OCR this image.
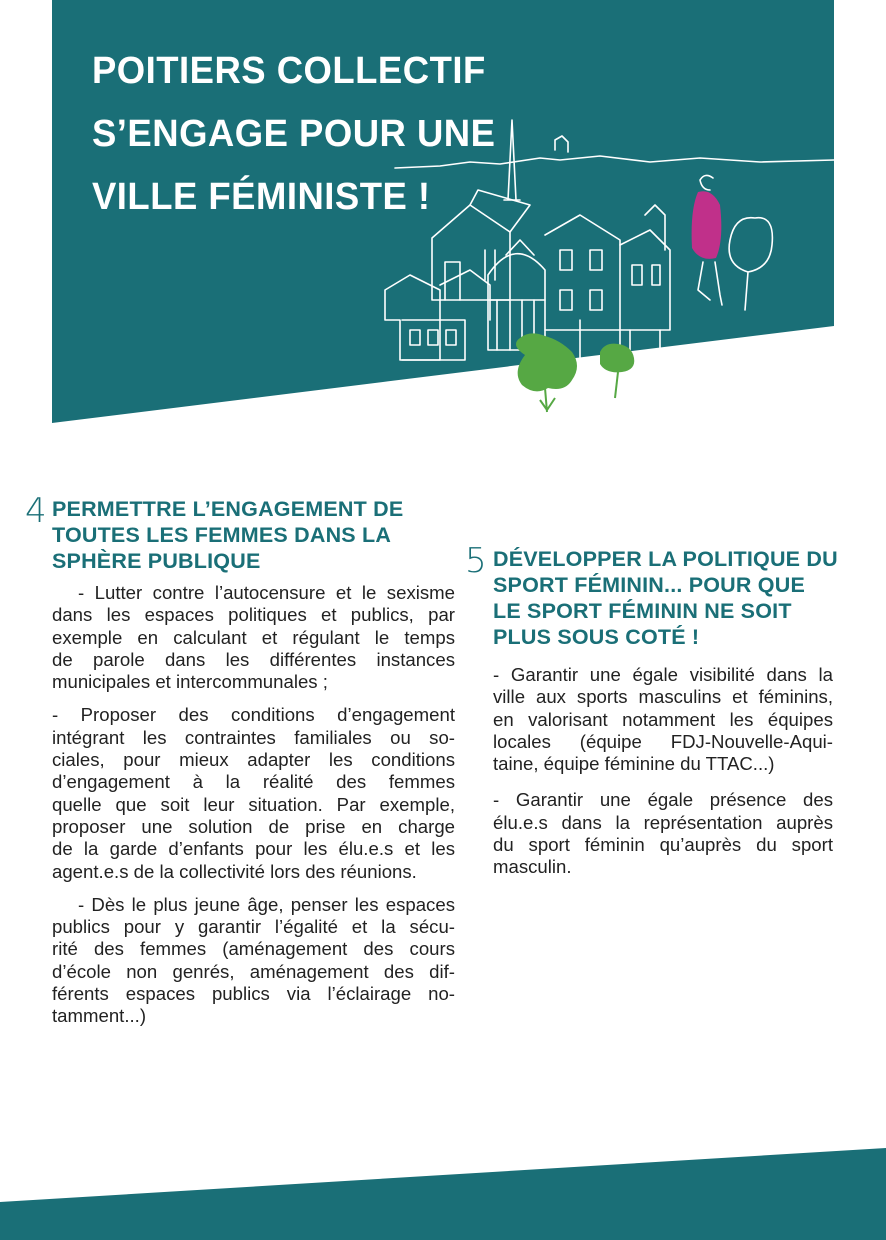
POITIERS COLLECTIF
S’ENGAGE POUR UNE
VILLE FÉMINISTE !
4 PERMETTRE L’ENGAGEMENT DE
TOUTES LES FEMMES DANS LA
SPHÈRE PUBLIQUE

- Lutter contre l’autocensure et le sexisme
dans les espaces politiques et publics, par
exemple en calculant et régulant le temps
de parole dans les différentes instances
municipales et intercommunales ;

- Proposer des conditions d’engagement
intégrant les contraintes familiales ou so-
ciales, pour mieux adapter les conditions
d’engagement à la réalité des femmes
quelle que soit leur situation. Par exemple,
proposer une solution de prise en charge
de la garde d’enfants pour les élu.e.s et les
agent.e.s de la collectivité lors des réunions.

- Dès le plus jeune âge, penser les espaces
publics pour y garantir l’égalité et la sécu-
rité des femmes (aménagement des cours
d’école non genrés, aménagement des dif-
férents espaces publics via l’éclairage no-
tamment...)

5 DÉVELOPPER LA POLITIQUE DU
SPORT FÉMININ... POUR QUE
LE SPORT FÉMININ NE SOIT
PLUS SOUS COTÉ !

- Garantir une égale visibilité dans la
ville aux sports masculins et féminins,
en valorisant notamment les équipes
locales (équipe FDJ-Nouvelle-Aqui-
taine, équipe féminine du TTAC...)

- Garantir une égale présence des
élu.e.s dans la représentation auprès
du sport féminin qu’auprès du sport
masculin.
